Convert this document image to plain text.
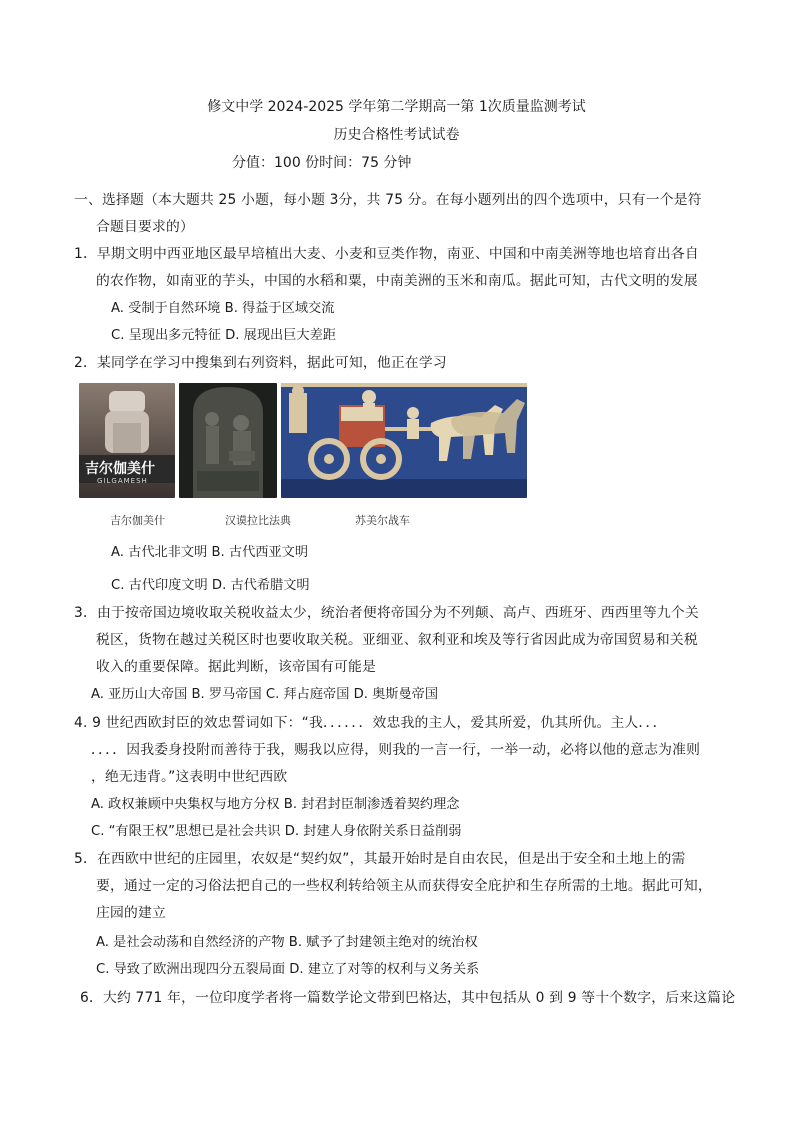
修文中学 2024-2025 学年第二学期高一第 1次质量监测考试
历史合格性考试试卷
分值：100 份时间：75 分钟
一、选择题（本大题共 25 小题，每小题 3分，共 75 分。在每小题列出的四个选项中，只有一个是符
合题目要求的）
1．早期文明中西亚地区最早培植出大麦、小麦和豆类作物，南亚、中国和中南美洲等地也培育出各自
的农作物，如南亚的芋头，中国的水稻和粟，中南美洲的玉米和南瓜。据此可知，古代文明的发展
A. 受制于自然环境 B. 得益于区域交流
C. 呈现出多元特征 D. 展现出巨大差距
2．某同学在学习中搜集到右列资料，据此可知，他正在学习
吉尔伽美什
GILGAMESH
吉尔伽美什	汉谟拉比法典	苏美尔战车
A. 古代北非文明 B. 古代西亚文明
C. 古代印度文明 D. 古代希腊文明
3．由于按帝国边境收取关税收益太少，统治者便将帝国分为不列颠、高卢、西班牙、西西里等九个关
税区，货物在越过关税区时也要收取关税。亚细亚、叙利亚和埃及等行省因此成为帝国贸易和关税
收入的重要保障。据此判断，该帝国有可能是
A. 亚历山大帝国 B. 罗马帝国 C. 拜占庭帝国 D. 奥斯曼帝国
4. 9 世纪西欧封臣的效忠誓词如下：“我．．．．．．效忠我的主人，爱其所爱，仇其所仇。主人．．．
．．．．因我委身投附而善待于我，赐我以应得，则我的一言一行，一举一动，必将以他的意志为准则
，绝无违背。”这表明中世纪西欧
A. 政权兼顾中央集权与地方分权 B. 封君封臣制渗透着契约理念
C. “有限王权”思想已是社会共识 D. 封建人身依附关系日益削弱
5．在西欧中世纪的庄园里，农奴是“契约奴”，其最开始时是自由农民，但是出于安全和土地上的需
要，通过一定的习俗法把自己的一些权利转给领主从而获得安全庇护和生存所需的土地。据此可知，
庄园的建立
A. 是社会动荡和自然经济的产物 B. 赋予了封建领主绝对的统治权
C. 导致了欧洲出现四分五裂局面 D. 建立了对等的权利与义务关系
6．大约 771 年，一位印度学者将一篇数学论文带到巴格达，其中包括从 0 到 9 等十个数字，后来这篇论
